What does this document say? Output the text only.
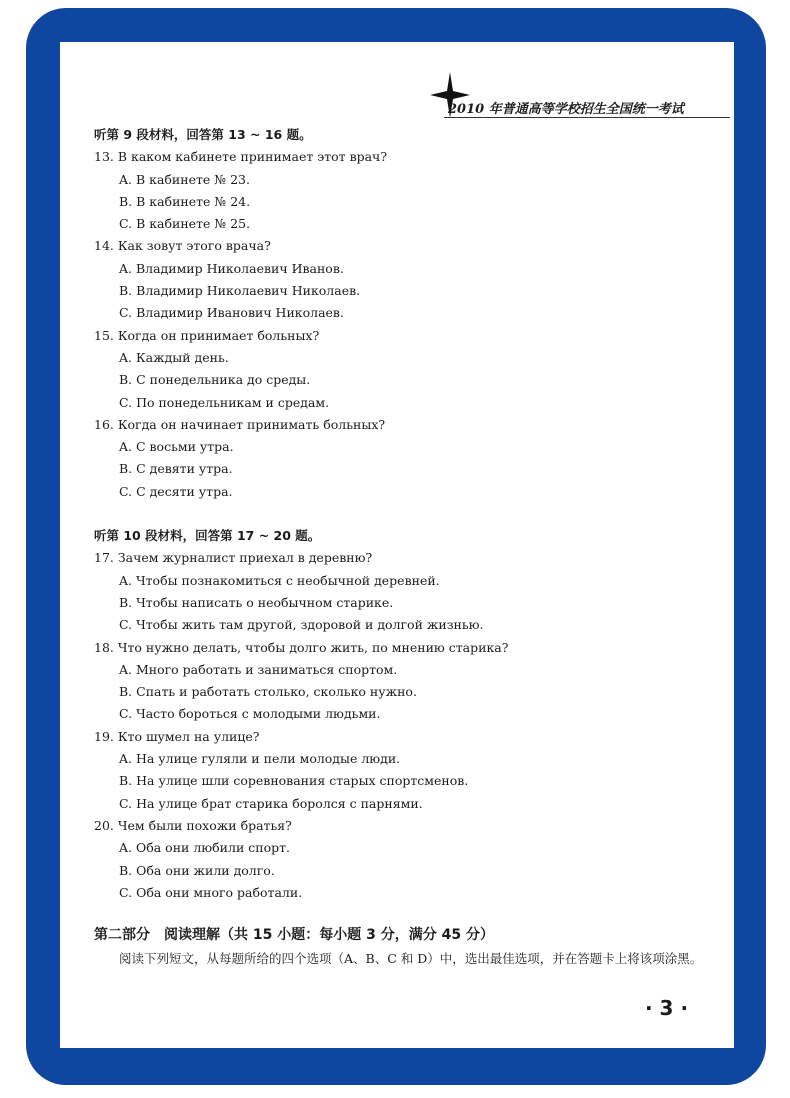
2010 年普通高等学校招生全国统一考试
听第 9 段材料，回答第 13 ~ 16 题。
13. В каком кабинете принимает этот врач?
A. В кабинете № 23.
B. В кабинете № 24.
C. В кабинете № 25.
14. Как зовут этого врача?
A. Владимир Николаевич Иванов.
B. Владимир Николаевич Николаев.
C. Владимир Иванович Николаев.
15. Когда он принимает больных?
A. Каждый день.
B. С понедельника до среды.
C. По понедельникам и средам.
16. Когда он начинает принимать больных?
A. С восьми утра.
B. С девяти утра.
C. С десяти утра.
听第 10 段材料，回答第 17 ~ 20 题。
17. Зачем журналист приехал в деревню?
A. Чтобы познакомиться с необычной деревней.
B. Чтобы написать о необычном старике.
C. Чтобы жить там другой, здоровой и долгой жизнью.
18. Что нужно делать, чтобы долго жить, по мнению старика?
A. Много работать и заниматься спортом.
B. Спать и работать столько, сколько нужно.
C. Часто бороться с молодыми людьми.
19. Кто шумел на улице?
A. На улице гуляли и пели молодые люди.
B. На улице шли соревнования старых спортсменов.
C. На улице брат старика боролся с парнями.
20. Чем были похожи братья?
A. Оба они любили спорт.
B. Оба они жили долго.
C. Оба они много работали.
第二部分　阅读理解（共 15 小题：每小题 3 分，满分 45 分）
阅读下列短文，从每题所给的四个选项（A、B、C 和 D）中，选出最佳选项，并在答题卡上将该项涂黑。
· 3 ·
